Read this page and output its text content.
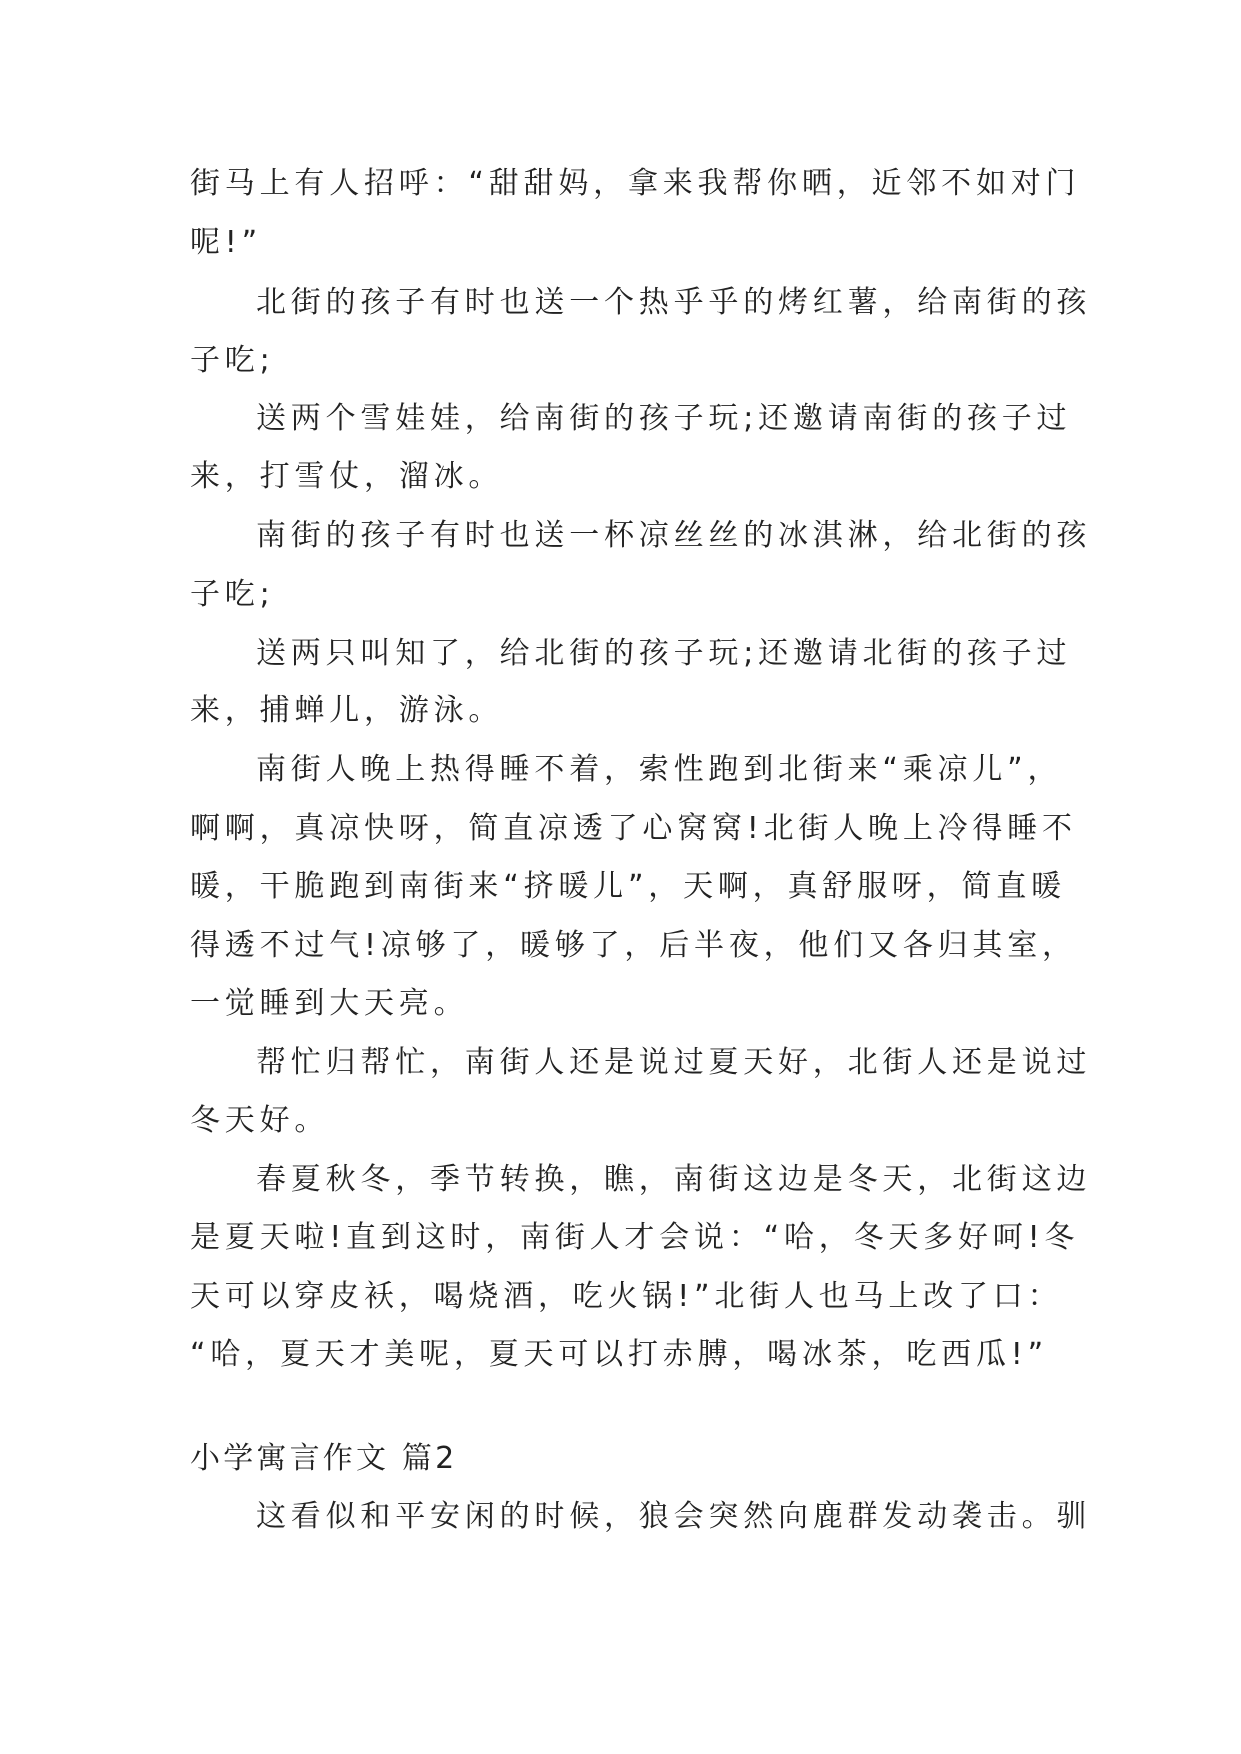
街马上有人招呼：“甜甜妈，拿来我帮你晒，近邻不如对门
呢!”
北街的孩子有时也送一个热乎乎的烤红薯，给南街的孩
子吃;
送两个雪娃娃，给南街的孩子玩;还邀请南街的孩子过
来，打雪仗，溜冰。
南街的孩子有时也送一杯凉丝丝的冰淇淋，给北街的孩
子吃;
送两只叫知了，给北街的孩子玩;还邀请北街的孩子过
来，捕蝉儿，游泳。
南街人晚上热得睡不着，索性跑到北街来“乘凉儿”，
啊啊，真凉快呀，简直凉透了心窝窝!北街人晚上冷得睡不
暖，干脆跑到南街来“挤暖儿”，天啊，真舒服呀，简直暖
得透不过气!凉够了，暖够了，后半夜，他们又各归其室，
一觉睡到大天亮。
帮忙归帮忙，南街人还是说过夏天好，北街人还是说过
冬天好。
春夏秋冬，季节转换，瞧，南街这边是冬天，北街这边
是夏天啦!直到这时，南街人才会说：“哈，冬天多好呵!冬
天可以穿皮袄，喝烧酒，吃火锅!”北街人也马上改了口：
“哈，夏天才美呢，夏天可以打赤膊，喝冰茶，吃西瓜!”
小学寓言作文 篇2
这看似和平安闲的时候，狼会突然向鹿群发动袭击。驯
